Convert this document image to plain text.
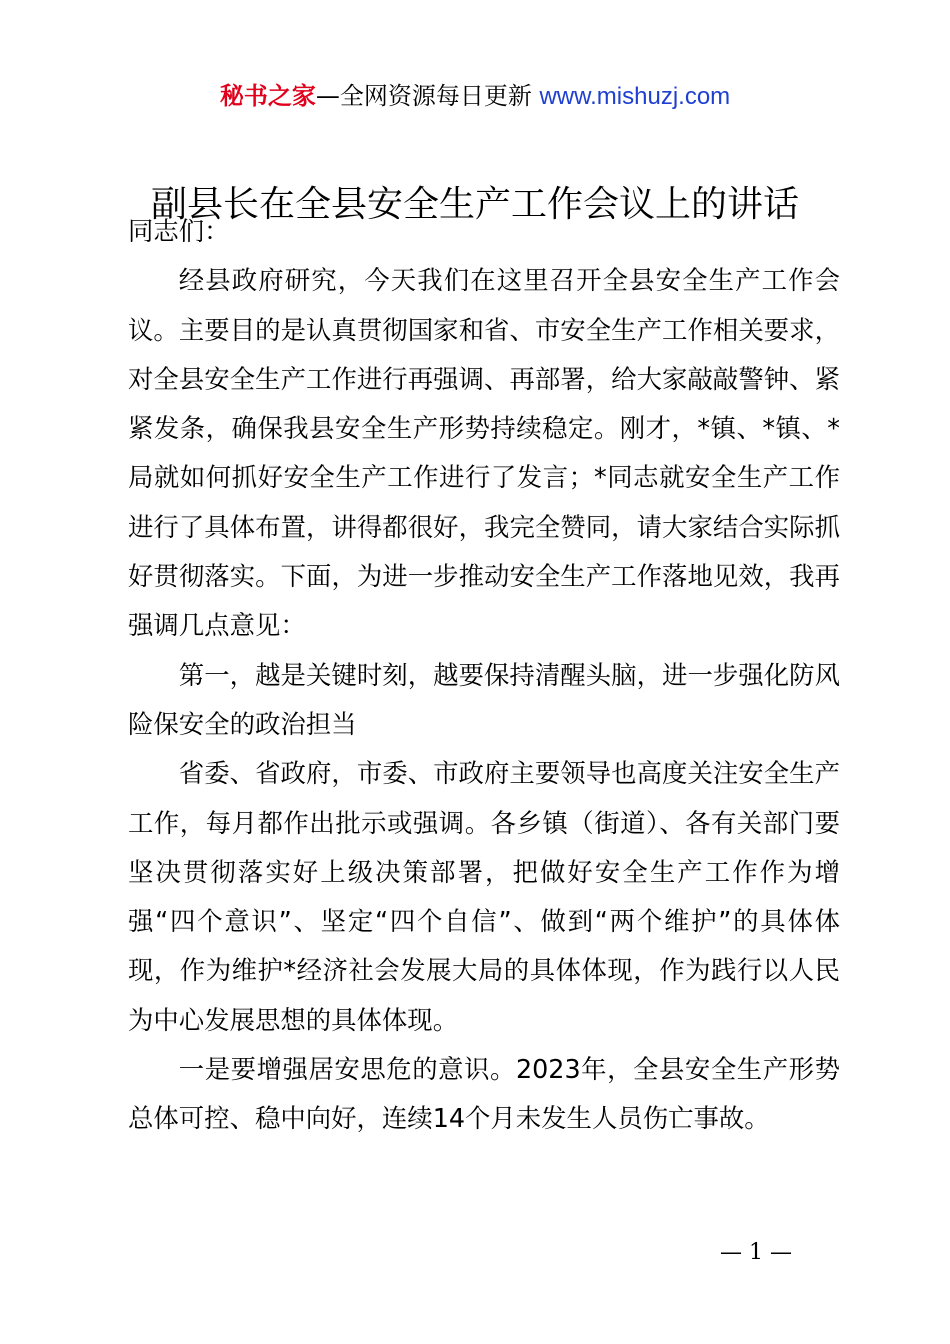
秘书之家—全网资源每日更新 www.mishuzj.com
副县长在全县安全生产工作会议上的讲话

同志们：

经县政府研究，今天我们在这里召开全县安全生产工作会议。主要目的是认真贯彻国家和省、市安全生产工作相关要求，对全县安全生产工作进行再强调、再部署，给大家敲敲警钟、紧紧发条，确保我县安全生产形势持续稳定。刚才，*镇、*镇、*局就如何抓好安全生产工作进行了发言；*同志就安全生产工作进行了具体布置，讲得都很好，我完全赞同，请大家结合实际抓好贯彻落实。下面，为进一步推动安全生产工作落地见效，我再强调几点意见：

第一，越是关键时刻，越要保持清醒头脑，进一步强化防风险保安全的政治担当

省委、省政府，市委、市政府主要领导也高度关注安全生产工作，每月都作出批示或强调。各乡镇（街道）、各有关部门要坚决贯彻落实好上级决策部署，把做好安全生产工作作为增强“四个意识”、坚定“四个自信”、做到“两个维护”的具体体现，作为维护*经济社会发展大局的具体体现，作为践行以人民为中心发展思想的具体体现。

一是要增强居安思危的意识。2023年，全县安全生产形势总体可控、稳中向好，连续14个月未发生人员伤亡事故。

— 1 —
